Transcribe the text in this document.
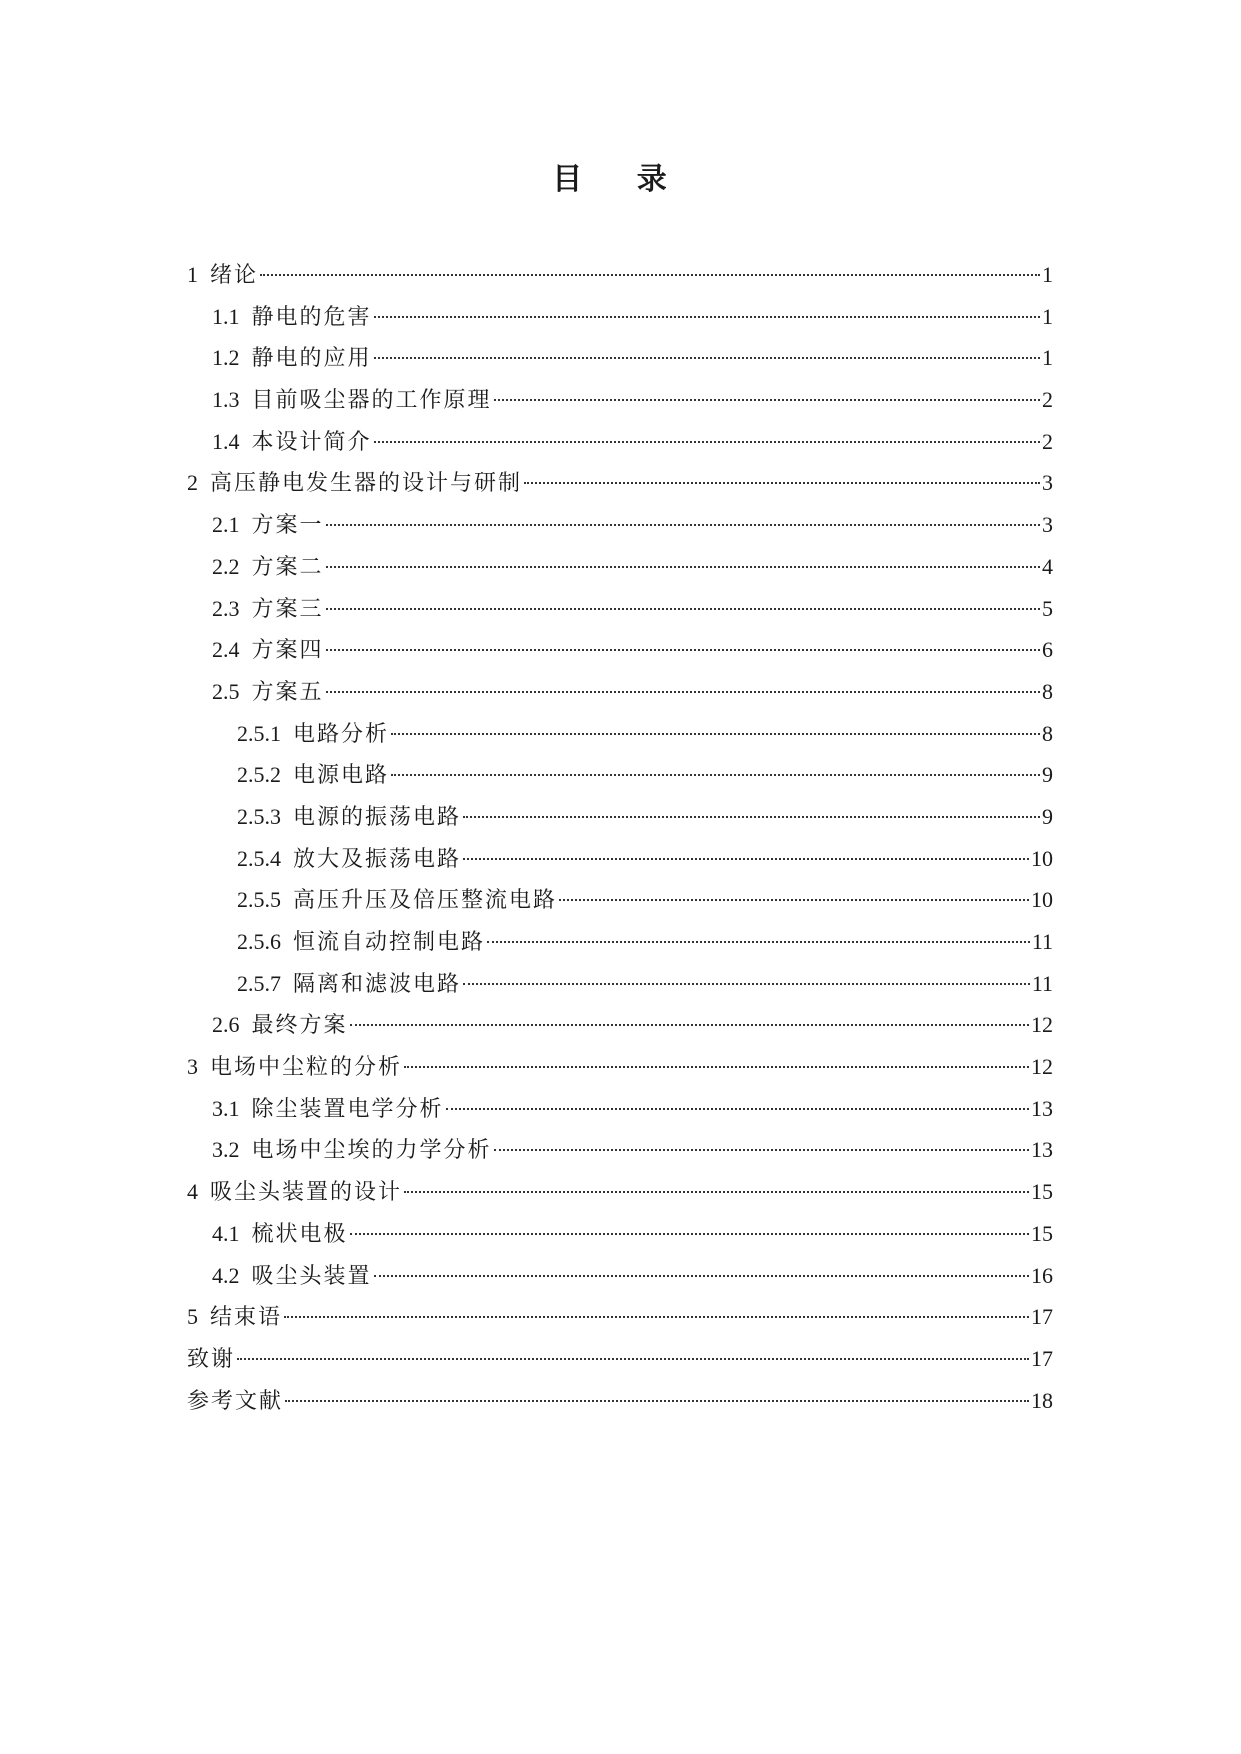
目 录
1 绪论	1
1.1 静电的危害	1
1.2 静电的应用	1
1.3 目前吸尘器的工作原理	2
1.4 本设计简介	2
2 高压静电发生器的设计与研制	3
2.1 方案一	3
2.2 方案二	4
2.3 方案三	5
2.4 方案四	6
2.5 方案五	8
2.5.1 电路分析	8
2.5.2 电源电路	9
2.5.3 电源的振荡电路	9
2.5.4 放大及振荡电路	10
2.5.5 高压升压及倍压整流电路	10
2.5.6 恒流自动控制电路	11
2.5.7 隔离和滤波电路	11
2.6 最终方案	12
3 电场中尘粒的分析	12
3.1 除尘装置电学分析	13
3.2 电场中尘埃的力学分析	13
4 吸尘头装置的设计	15
4.1 梳状电极	15
4.2 吸尘头装置	16
5 结束语	17
致谢	17
参考文献	18
